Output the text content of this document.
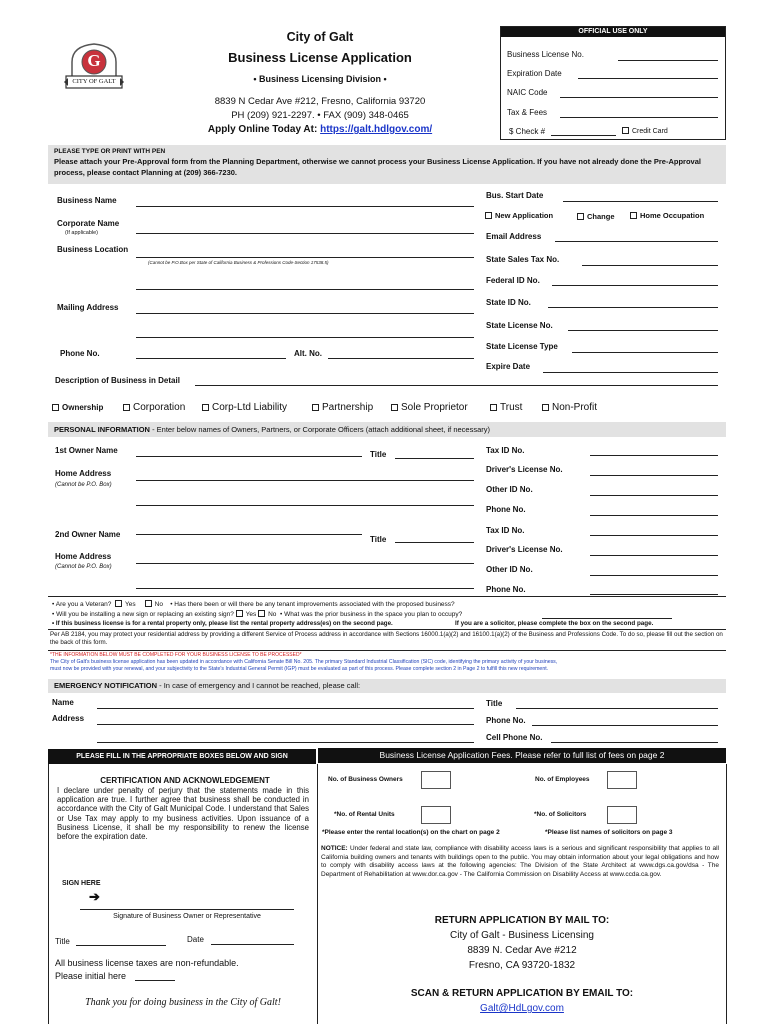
G
CITY OF GALT
City of Galt
Business License Application
• Business Licensing Division •
8839 N Cedar Ave #212, Fresno, California 93720
PH (209) 921-2297. • FAX (909) 348-0465
Apply Online Today At: https://galt.hdlgov.com/
OFFICIAL USE ONLY
Business License No.
Expiration Date
NAIC Code
Tax & Fees
$ Check #	Credit Card
PLEASE TYPE OR PRINT WITH PEN
Please attach your Pre-Approval form from the Planning Department, otherwise we cannot process your Business License Application. If you have not already done the Pre-Approval process, please contact Planning at (209) 366-7230.
Business Name
Corporate Name
(If applicable)
Business Location
(Cannot be P.O.Box per State of California Business & Professions Code-Section 17538.5)
Mailing Address
Phone No.	Alt. No.
Description of Business in Detail
Bus. Start Date
New Application	Change	Home Occupation
Email Address
State Sales Tax No.
Federal ID No.
State ID No.
State License No.
State License Type
Expire Date
Ownership	Corporation	Corp-Ltd Liability	Partnership	Sole Proprietor	Trust	Non-Profit
PERSONAL INFORMATION - Enter below names of Owners, Partners, or Corporate Officers (attach additional sheet, if necessary)
1st Owner Name	Title
Home Address
(Cannot be P.O. Box)
Tax ID No.
Driver's License No.
Other ID No.
Phone No.
2nd Owner Name
Title
Home Address
(Cannot be P.O. Box)
Tax ID No.
Driver's License No.
Other ID No.
Phone No.
• Are you a Veteran? Yes	No    • Has there been or will there be any tenant improvements associated with the proposed business?
• Will you be installing a new sign or replacing an existing sign? Yes No  • What was the prior business in the space you plan to occupy?
• If this business license is for a rental property only, please list the rental property address(es) on the second page.	If you are a solicitor, please complete the box on the second page.
Per AB 2184, you may protect your residential address by providing a different Service of Process address in accordance with Sections 16000.1(a)(2) and 16100.1(a)(2) of the Business and Professions Code. To do so, please fill out the section on the back of this form.
*THE INFORMATION BELOW MUST BE COMPLETED FOR YOUR BUSINESS LICENSE TO BE PROCESSED*
The City of Galt's business license application has been updated in accordance with California Senate Bill No. 205. The primary Standard Industrial Classification (SIC) code, identifying the primary activity of your business,
must now be provided with your renewal, and your subjectivity to the State's Industrial General Permit (IGP) must be evaluated as part of this process. Please complete section 2 in Page 2 to fulfill this new requirement.
EMERGENCY NOTIFICATION - In case of emergency and I cannot be reached, please call:
Name
Address
Title
Phone No.
Cell Phone No.
PLEASE FILL IN THE APPROPRIATE BOXES BELOW AND SIGN	Business License Application Fees. Please refer to full list of fees on page 2
CERTIFICATION AND ACKNOWLEDGEMENT
I declare under penalty of perjury that the statements made in this application are true. I further agree that business shall be conducted in accordance with the City of Galt Municipal Code. I understand that Sales or Use Tax may apply to my business activities. Upon issuance of a Business License, it shall be my responsibility to renew the license before the expiration date.
SIGN HERE
➔
Signature of Business Owner or Representative
Title	Date
All business license taxes are non-refundable.
Please initial here
Thank you for doing business in the City of Galt!
No. of Business Owners	No. of Employees
*No. of Rental Units	*No. of Solicitors
*Please enter the rental location(s) on the chart on page 2	*Please list names of solicitors on page 3
NOTICE: Under federal and state law, compliance with disability access laws is a serious and significant responsibility that applies to all California building owners and tenants with buildings open to the public. You may obtain information about your legal obligations and how to comply with disability access laws at the following agencies: The Division of the State Architect at www.dgs.ca.gov/dsa - The Department of Rehabilitation at www.dor.ca.gov - The California Commission on Disability Access at www.ccda.ca.gov.
RETURN APPLICATION BY MAIL TO:
City of Galt - Business Licensing
8839 N. Cedar Ave #212
Fresno, CA 93720-1832
SCAN & RETURN APPLICATION BY EMAIL TO:
Galt@HdLgov.com
